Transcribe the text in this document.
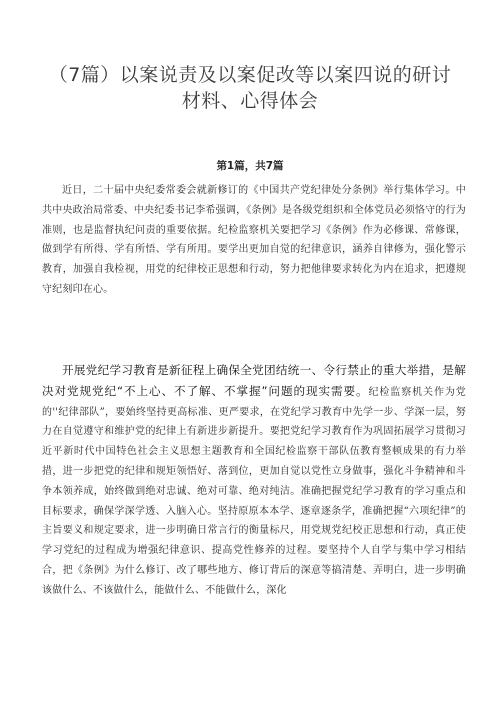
（7篇）以案说责及以案促改等以案四说的研讨材料、心得体会
第1篇，共7篇

近日，二十届中央纪委常委会就新修订的《中国共产党纪律处分条例》举行集体学习。中共中央政治局常委、中央纪委书记李希强调，《条例》是各级党组织和全体党员必须恪守的行为准则，也是监督执纪问责的重要依据。纪检监察机关要把学习《条例》作为必修课、常修课，做到学有所得、学有所悟、学有所用。要学出更加自觉的纪律意识，涵养自律修为，强化警示教育，加强自我检视，用党的纪律校正思想和行动，努力把他律要求转化为内在追求，把遵规守纪刻印在心。

开展党纪学习教育是新征程上确保全党团结统一、令行禁止的重大举措，是解决对党规党纪“不上心、不了解、不掌握”问题的现实需要。纪检监察机关作为党的''纪律部队”，要始终坚持更高标准、更严要求，在党纪学习教育中先学一步、学深一层，努力在自觉遵守和维护党的纪律上有新进步新提升。要把党纪学习教育作为巩固拓展学习贯彻习近平新时代中国特色社会主义思想主题教育和全国纪检监察干部队伍教育整顿成果的有力举措，进一步把党的纪律和规矩领悟好、落到位，更加自觉以党性立身做事，强化斗争精神和斗争本领养成，始终做到绝对忠诚、绝对可靠、绝对纯洁。准确把握党纪学习教育的学习重点和目标要求，确保学深学透、入脑入心。坚持原原本本学、逐章逐条学，准确把握“六项纪律”的主旨要义和规定要求，进一步明确日常言行的衡量标尺，用党规党纪校正思想和行动，真正使学习党纪的过程成为增强纪律意识、提高党性修养的过程。要坚持个人自学与集中学习相结合，把《条例》为什么修订、改了哪些地方、修订背后的深意等搞清楚、弄明白，进一步明确该做什么、不该做什么，能做什么、不能做什么，深化
